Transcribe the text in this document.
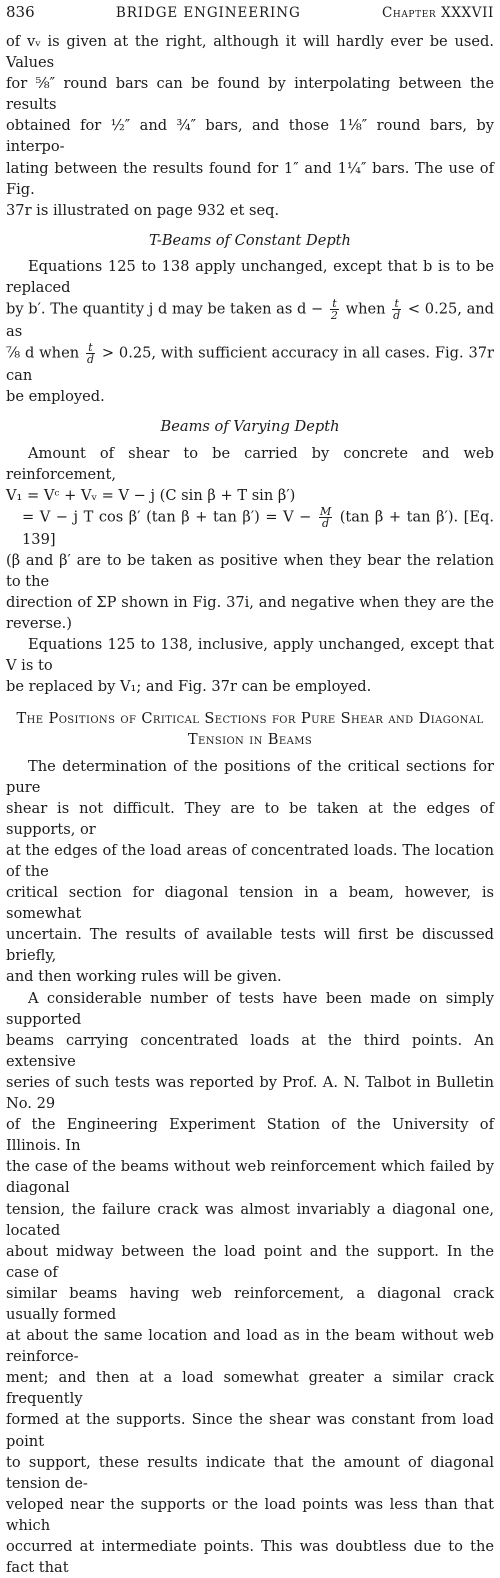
836	BRIDGE ENGINEERING	Chapter XXXVII

of vᵥ is given at the right, although it will hardly ever be used. Values

for ⅝″ round bars can be found by interpolating between the results

obtained for ½″ and ¾″ bars, and those 1⅛″ round bars, by interpo-

lating between the results found for 1″ and 1¼″ bars. The use of Fig.

37r is illustrated on page 932 et seq.

T-Beams of Constant Depth

Equations 125 to 138 apply unchanged, except that b is to be replaced

by b′. The quantity j d may be taken as $d - \frac{t}{2}$ when $\frac{t}{d} < 0.25$, and as

⅞ d when $\frac{t}{d} > 0.25$, with sufficient accuracy in all cases. Fig. 37r can

be employed.

Beams of Varying Depth

Amount of shear to be carried by concrete and web reinforcement,

V₁ = Vᶜ + Vᵥ = V − j (C sin β + T sin β′)

= V − j T cos β′ (tan $\beta + \tan \beta') = V - \frac{M}{d} (\tan$ β + tan β′). [Eq. 139]

(β and β′ are to be taken as positive when they bear the relation to the

direction of ΣP shown in Fig. 37i, and negative when they are the reverse.)

Equations 125 to 138, inclusive, apply unchanged, except that V is to

be replaced by V₁; and Fig. 37r can be employed.

The Positions of Critical Sections for Pure Shear and Diagonal
Tension in Beams

The determination of the positions of the critical sections for pure

shear is not difficult. They are to be taken at the edges of supports, or

at the edges of the load areas of concentrated loads. The location of the

critical section for diagonal tension in a beam, however, is somewhat

uncertain. The results of available tests will first be discussed briefly,

and then working rules will be given.

A considerable number of tests have been made on simply supported

beams carrying concentrated loads at the third points. An extensive

series of such tests was reported by Prof. A. N. Talbot in Bulletin No. 29

of the Engineering Experiment Station of the University of Illinois. In

the case of the beams without web reinforcement which failed by diagonal

tension, the failure crack was almost invariably a diagonal one, located

about midway between the load point and the support. In the case of

similar beams having web reinforcement, a diagonal crack usually formed

at about the same location and load as in the beam without web reinforce-

ment; and then at a load somewhat greater a similar crack frequently

formed at the supports. Since the shear was constant from load point

to support, these results indicate that the amount of diagonal tension de-

veloped near the supports or the load points was less than that which

occurred at intermediate points. This was doubtless due to the fact that
